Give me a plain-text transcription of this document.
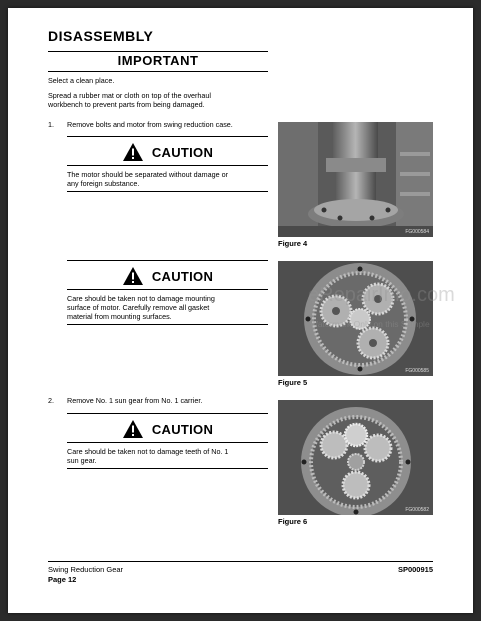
DISASSEMBLY
IMPORTANT
Select a clean place.
Spread a rubber mat or cloth on top of the overhaul
workbench to prevent parts from being damaged.
1. Remove bolts and motor from swing reduction case.
CAUTION
The motor should be separated without damage or
any foreign substance.
CAUTION
Care should be taken not to damage mounting
surface of motor. Carefully remove all gasket
material from mounting surfaces.
2. Remove No. 1 sun gear from No. 1 carrier.
CAUTION
Care should be taken not to damage teeth of No. 1
sun gear.
FG000584
Figure 4
FG000585
Figure 5
FG000582
Figure 6
eRepairInfo.com
Watermark Only on this Sample
Swing Reduction Gear
Page 12
SP000915
